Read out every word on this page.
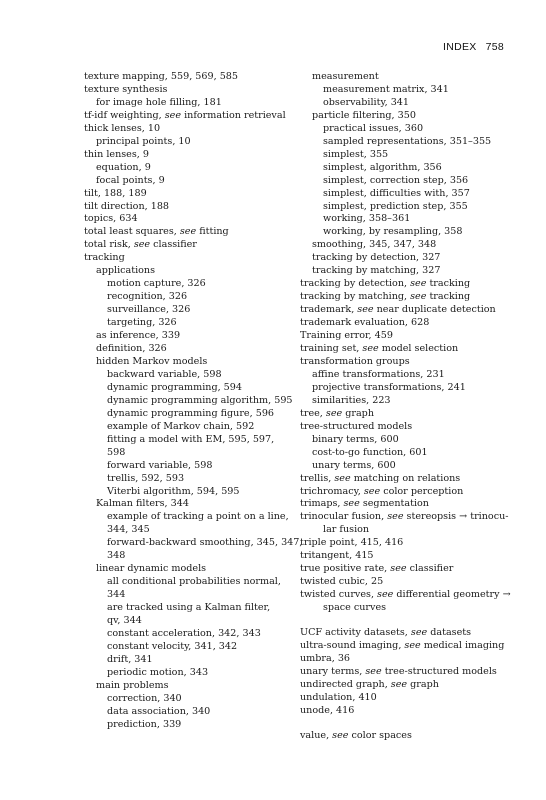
INDEX 758
texture mapping, 559, 569, 585
texture synthesis
for image hole filling, 181
tf-idf weighting, see information retrieval
thick lenses, 10
principal points, 10
thin lenses, 9
equation, 9
focal points, 9
tilt, 188, 189
tilt direction, 188
topics, 634
total least squares, see fitting
total risk, see classifier
tracking
applications
motion capture, 326
recognition, 326
surveillance, 326
targeting, 326
as inference, 339
definition, 326
hidden Markov models
backward variable, 598
dynamic programming, 594
dynamic programming algorithm, 595
dynamic programming figure, 596
example of Markov chain, 592
fitting a model with EM, 595, 597,
598
forward variable, 598
trellis, 592, 593
Viterbi algorithm, 594, 595
Kalman filters, 344
example of tracking a point on a line,
344, 345
forward-backward smoothing, 345, 347,
348
linear dynamic models
all conditional probabilities normal,
344
are tracked using a Kalman filter,
qv, 344
constant acceleration, 342, 343
constant velocity, 341, 342
drift, 341
periodic motion, 343
main problems
correction, 340
data association, 340
prediction, 339
measurement
measurement matrix, 341
observability, 341
particle filtering, 350
practical issues, 360
sampled representations, 351–355
simplest, 355
simplest, algorithm, 356
simplest, correction step, 356
simplest, difficulties with, 357
simplest, prediction step, 355
working, 358–361
working, by resampling, 358
smoothing, 345, 347, 348
tracking by detection, 327
tracking by matching, 327
tracking by detection, see tracking
tracking by matching, see tracking
trademark, see near duplicate detection
trademark evaluation, 628
Training error, 459
training set, see model selection
transformation groups
affine transformations, 231
projective transformations, 241
similarities, 223
tree, see graph
tree-structured models
binary terms, 600
cost-to-go function, 601
unary terms, 600
trellis, see matching on relations
trichromacy, see color perception
trimaps, see segmentation
trinocular fusion, see stereopsis → trinocu-
lar fusion
triple point, 415, 416
tritangent, 415
true positive rate, see classifier
twisted cubic, 25
twisted curves, see differential geometry →
space curves
UCF activity datasets, see datasets
ultra-sound imaging, see medical imaging
umbra, 36
unary terms, see tree-structured models
undirected graph, see graph
undulation, 410
unode, 416
value, see color spaces
